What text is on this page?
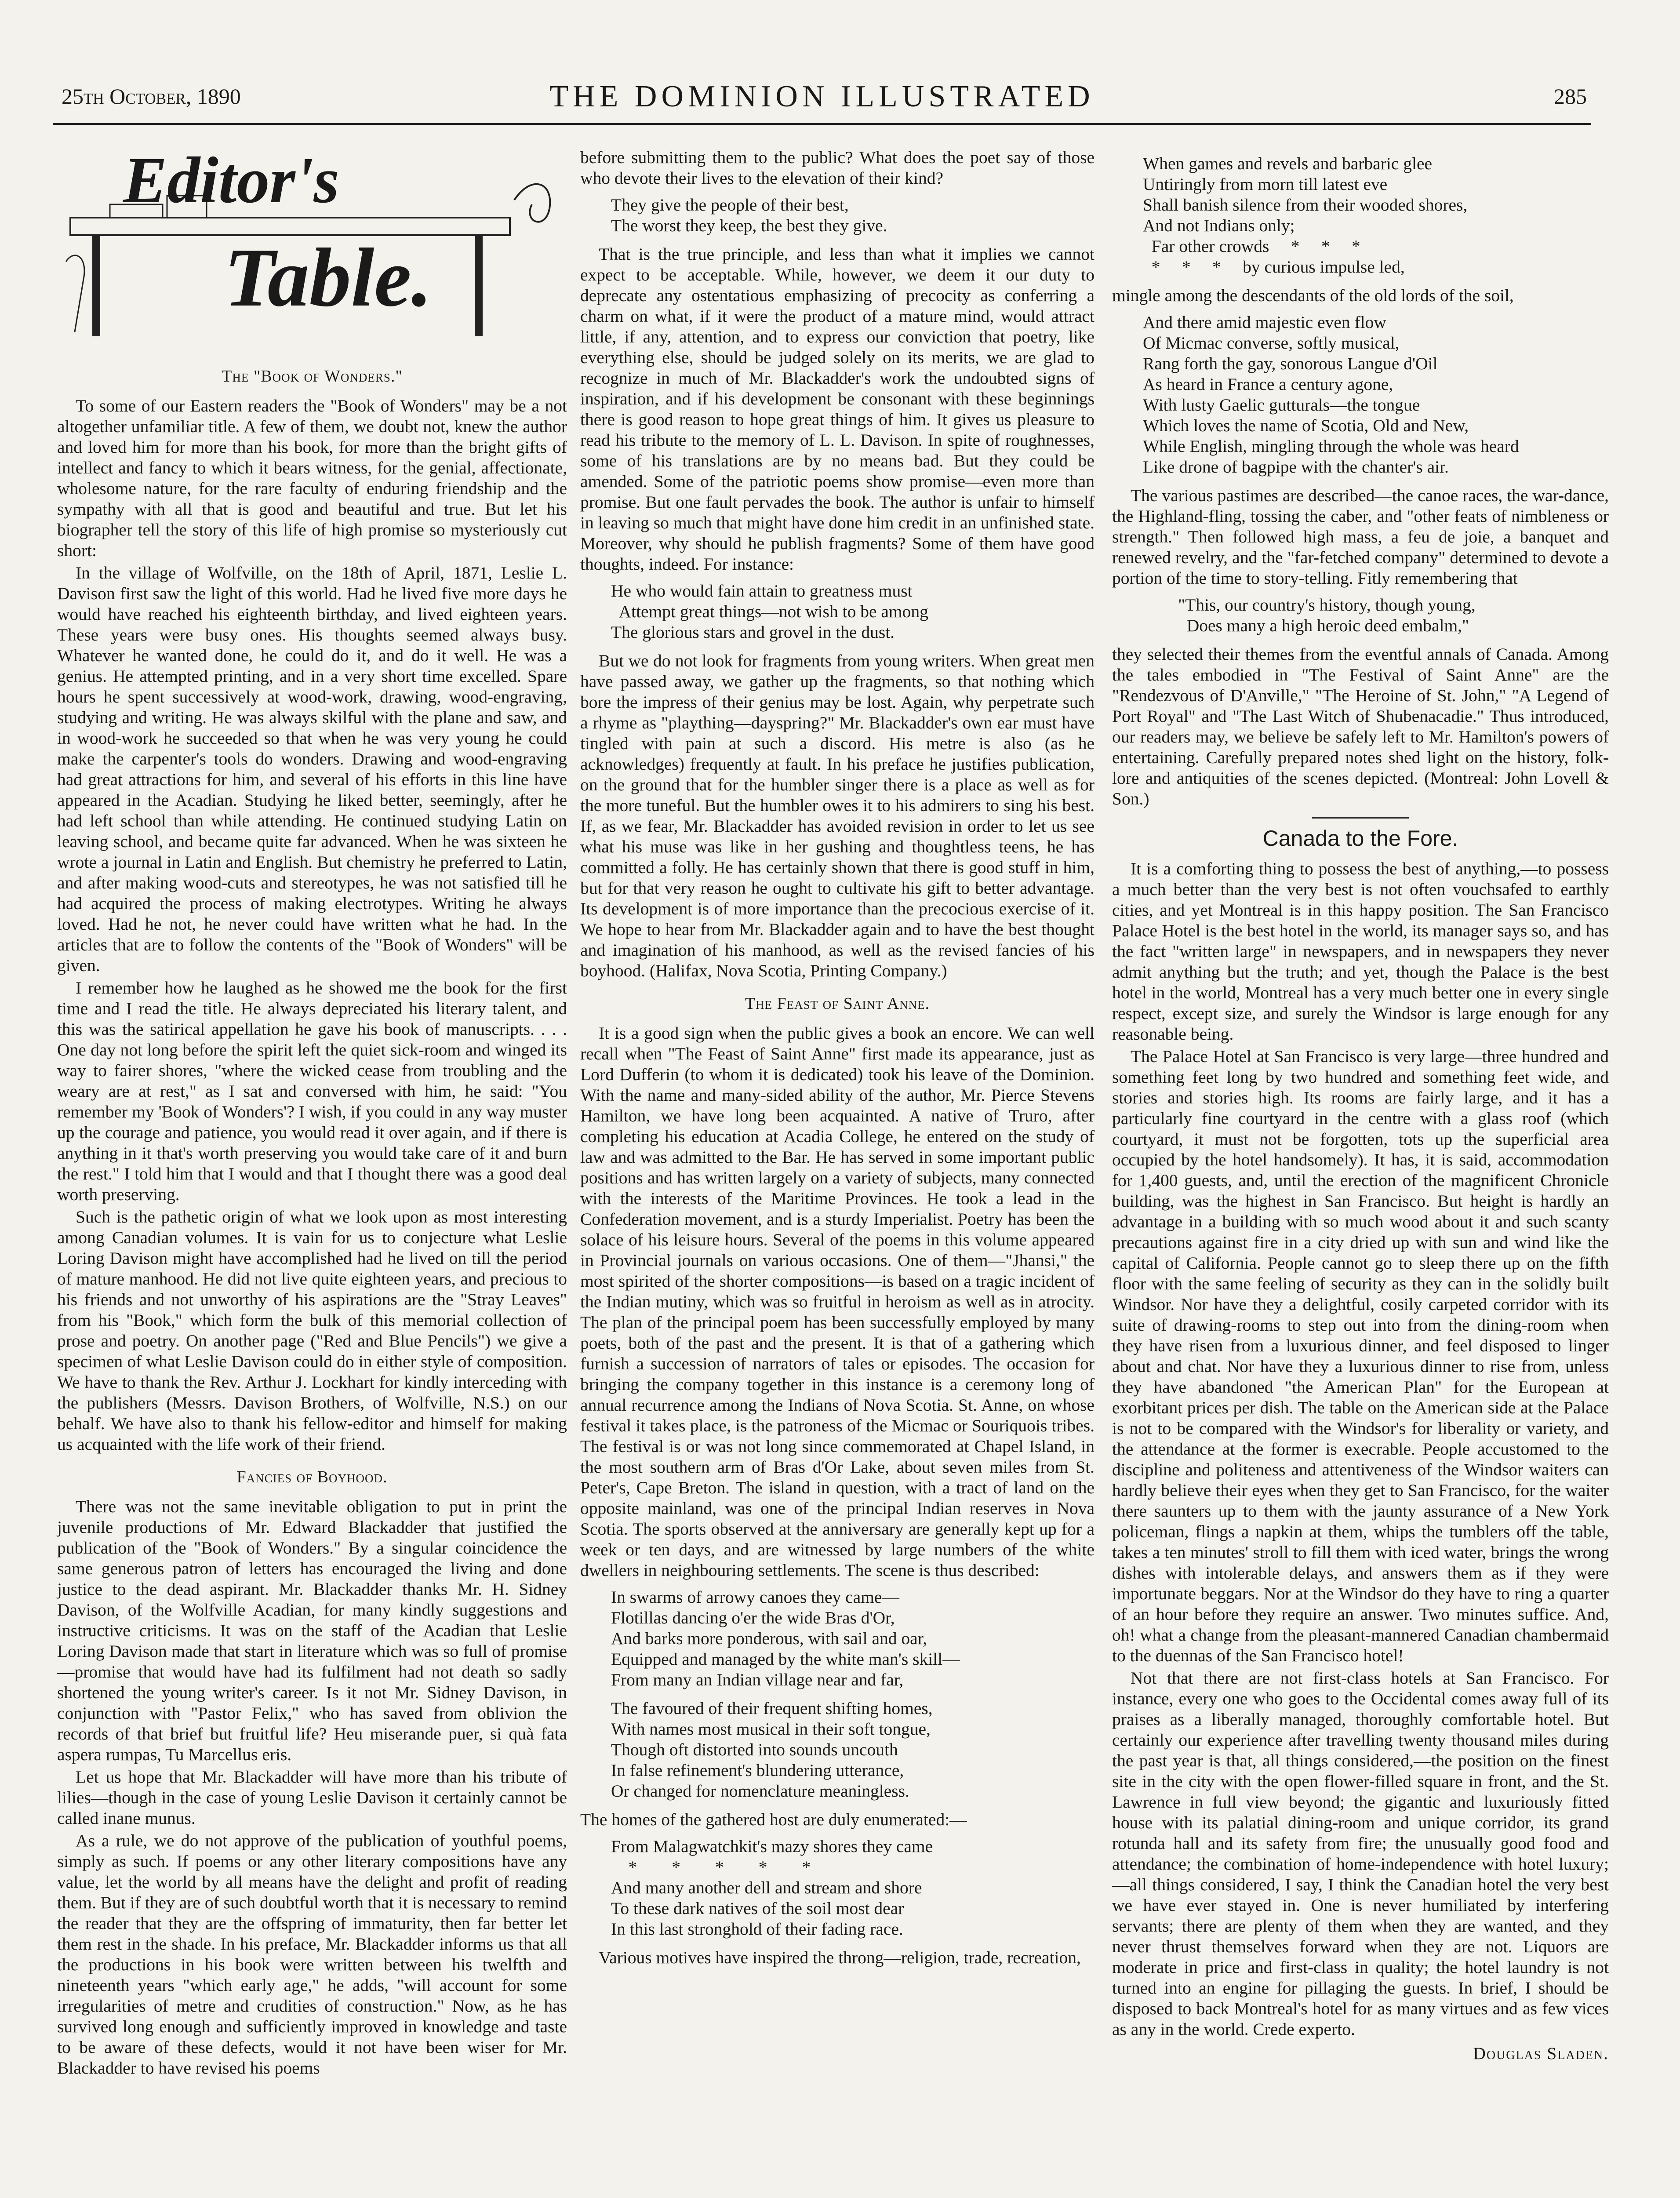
25th October, 1890	THE DOMINION ILLUSTRATED	285
Editor's
Table.
The "Book of Wonders."

To some of our Eastern readers the "Book of Wonders" may be a not altogether unfamiliar title. A few of them, we doubt not, knew the author and loved him for more than his book, for more than the bright gifts of intellect and fancy to which it bears witness, for the genial, affectionate, wholesome nature, for the rare faculty of enduring friendship and the sympathy with all that is good and beautiful and true. But let his biographer tell the story of this life of high promise so mysteriously cut short:

In the village of Wolfville, on the 18th of April, 1871, Leslie L. Davison first saw the light of this world. Had he lived five more days he would have reached his eighteenth birthday, and lived eighteen years. These years were busy ones. His thoughts seemed always busy. Whatever he wanted done, he could do it, and do it well. He was a genius. He attempted printing, and in a very short time excelled. Spare hours he spent successively at wood-work, drawing, wood-engraving, studying and writing. He was always skilful with the plane and saw, and in wood-work he succeeded so that when he was very young he could make the carpenter's tools do wonders. Drawing and wood-engraving had great attractions for him, and several of his efforts in this line have appeared in the Acadian. Studying he liked better, seemingly, after he had left school than while attending. He continued studying Latin on leaving school, and became quite far advanced. When he was sixteen he wrote a journal in Latin and English. But chemistry he preferred to Latin, and after making wood-cuts and stereotypes, he was not satisfied till he had acquired the process of making electrotypes. Writing he always loved. Had he not, he never could have written what he had. In the articles that are to follow the contents of the "Book of Wonders" will be given.

I remember how he laughed as he showed me the book for the first time and I read the title. He always depreciated his literary talent, and this was the satirical appellation he gave his book of manuscripts. . . . One day not long before the spirit left the quiet sick-room and winged its way to fairer shores, "where the wicked cease from troubling and the weary are at rest," as I sat and conversed with him, he said: "You remember my 'Book of Wonders'? I wish, if you could in any way muster up the courage and patience, you would read it over again, and if there is anything in it that's worth preserving you would take care of it and burn the rest." I told him that I would and that I thought there was a good deal worth preserving.

Such is the pathetic origin of what we look upon as most interesting among Canadian volumes. It is vain for us to conjecture what Leslie Loring Davison might have accomplished had he lived on till the period of mature manhood. He did not live quite eighteen years, and precious to his friends and not unworthy of his aspirations are the "Stray Leaves" from his "Book," which form the bulk of this memorial collection of prose and poetry. On another page ("Red and Blue Pencils") we give a specimen of what Leslie Davison could do in either style of composition. We have to thank the Rev. Arthur J. Lockhart for kindly interceding with the publishers (Messrs. Davison Brothers, of Wolfville, N.S.) on our behalf. We have also to thank his fellow-editor and himself for making us acquainted with the life work of their friend.

Fancies of Boyhood.

There was not the same inevitable obligation to put in print the juvenile productions of Mr. Edward Blackadder that justified the publication of the "Book of Wonders." By a singular coincidence the same generous patron of letters has encouraged the living and done justice to the dead aspirant. Mr. Blackadder thanks Mr. H. Sidney Davison, of the Wolfville Acadian, for many kindly suggestions and instructive criticisms. It was on the staff of the Acadian that Leslie Loring Davison made that start in literature which was so full of promise—promise that would have had its fulfilment had not death so sadly shortened the young writer's career. Is it not Mr. Sidney Davison, in conjunction with "Pastor Felix," who has saved from oblivion the records of that brief but fruitful life? Heu miserande puer, si quà fata aspera rumpas, Tu Marcellus eris.

Let us hope that Mr. Blackadder will have more than his tribute of lilies—though in the case of young Leslie Davison it certainly cannot be called inane munus.

As a rule, we do not approve of the publication of youthful poems, simply as such. If poems or any other literary compositions have any value, let the world by all means have the delight and profit of reading them. But if they are of such doubtful worth that it is necessary to remind the reader that they are the offspring of immaturity, then far better let them rest in the shade. In his preface, Mr. Blackadder informs us that all the productions in his book were written between his twelfth and nineteenth years "which early age," he adds, "will account for some irregularities of metre and crudities of construction." Now, as he has survived long enough and sufficiently improved in knowledge and taste to be aware of these defects, would it not have been wiser for Mr. Blackadder to have revised his poems

before submitting them to the public? What does the poet say of those who devote their lives to the elevation of their kind?

They give the people of their best,
The worst they keep, the best they give.

That is the true principle, and less than what it implies we cannot expect to be acceptable. While, however, we deem it our duty to deprecate any ostentatious emphasizing of precocity as conferring a charm on what, if it were the product of a mature mind, would attract little, if any, attention, and to express our conviction that poetry, like everything else, should be judged solely on its merits, we are glad to recognize in much of Mr. Blackadder's work the undoubted signs of inspiration, and if his development be consonant with these beginnings there is good reason to hope great things of him. It gives us pleasure to read his tribute to the memory of L. L. Davison. In spite of roughnesses, some of his translations are by no means bad. But they could be amended. Some of the patriotic poems show promise—even more than promise. But one fault pervades the book. The author is unfair to himself in leaving so much that might have done him credit in an unfinished state. Moreover, why should he publish fragments? Some of them have good thoughts, indeed. For instance:

He who would fain attain to greatness must
Attempt great things—not wish to be among
The glorious stars and grovel in the dust.

But we do not look for fragments from young writers. When great men have passed away, we gather up the fragments, so that nothing which bore the impress of their genius may be lost. Again, why perpetrate such a rhyme as "plaything—dayspring?" Mr. Blackadder's own ear must have tingled with pain at such a discord. His metre is also (as he acknowledges) frequently at fault. In his preface he justifies publication, on the ground that for the humbler singer there is a place as well as for the more tuneful. But the humbler owes it to his admirers to sing his best. If, as we fear, Mr. Blackadder has avoided revision in order to let us see what his muse was like in her gushing and thoughtless teens, he has committed a folly. He has certainly shown that there is good stuff in him, but for that very reason he ought to cultivate his gift to better advantage. Its development is of more importance than the precocious exercise of it. We hope to hear from Mr. Blackadder again and to have the best thought and imagination of his manhood, as well as the revised fancies of his boyhood. (Halifax, Nova Scotia, Printing Company.)

The Feast of Saint Anne.

It is a good sign when the public gives a book an encore. We can well recall when "The Feast of Saint Anne" first made its appearance, just as Lord Dufferin (to whom it is dedicated) took his leave of the Dominion. With the name and many-sided ability of the author, Mr. Pierce Stevens Hamilton, we have long been acquainted. A native of Truro, after completing his education at Acadia College, he entered on the study of law and was admitted to the Bar. He has served in some important public positions and has written largely on a variety of subjects, many connected with the interests of the Maritime Provinces. He took a lead in the Confederation movement, and is a sturdy Imperialist. Poetry has been the solace of his leisure hours. Several of the poems in this volume appeared in Provincial journals on various occasions. One of them—"Jhansi," the most spirited of the shorter compositions—is based on a tragic incident of the Indian mutiny, which was so fruitful in heroism as well as in atrocity. The plan of the principal poem has been successfully employed by many poets, both of the past and the present. It is that of a gathering which furnish a succession of narrators of tales or episodes. The occasion for bringing the company together in this instance is a ceremony long of annual recurrence among the Indians of Nova Scotia. St. Anne, on whose festival it takes place, is the patroness of the Micmac or Souriquois tribes. The festival is or was not long since commemorated at Chapel Island, in the most southern arm of Bras d'Or Lake, about seven miles from St. Peter's, Cape Breton. The island in question, with a tract of land on the opposite mainland, was one of the principal Indian reserves in Nova Scotia. The sports observed at the anniversary are generally kept up for a week or ten days, and are witnessed by large numbers of the white dwellers in neighbouring settlements. The scene is thus described:

In swarms of arrowy canoes they came—
Flotillas dancing o'er the wide Bras d'Or,
And barks more ponderous, with sail and oar,
Equipped and managed by the white man's skill—
From many an Indian village near and far,
The favoured of their frequent shifting homes,
With names most musical in their soft tongue,
Though oft distorted into sounds uncouth
In false refinement's blundering utterance,
Or changed for nomenclature meaningless.

The homes of the gathered host are duly enumerated:—

From Malagwatchkit's mazy shores they came
*        *        *        *        *
And many another dell and stream and shore
To these dark natives of the soil most dear
In this last stronghold of their fading race.

Various motives have inspired the throng—religion, trade, recreation,

When games and revels and barbaric glee
Untiringly from morn till latest eve
Shall banish silence from their wooded shores,
And not Indians only;
Far other crowds     *     *     *
*     *     *     by curious impulse led,

mingle among the descendants of the old lords of the soil,

And there amid majestic even flow
Of Micmac converse, softly musical,
Rang forth the gay, sonorous Langue d'Oil
As heard in France a century agone,
With lusty Gaelic gutturals—the tongue
Which loves the name of Scotia, Old and New,
While English, mingling through the whole was heard
Like drone of bagpipe with the chanter's air.

The various pastimes are described—the canoe races, the war-dance, the Highland-fling, tossing the caber, and "other feats of nimbleness or strength." Then followed high mass, a feu de joie, a banquet and renewed revelry, and the "far-fetched company" determined to devote a portion of the time to story-telling. Fitly remembering that

"This, our country's history, though young,
Does many a high heroic deed embalm,"

they selected their themes from the eventful annals of Canada. Among the tales embodied in "The Festival of Saint Anne" are the "Rendezvous of D'Anville," "The Heroine of St. John," "A Legend of Port Royal" and "The Last Witch of Shubenacadie." Thus introduced, our readers may, we believe be safely left to Mr. Hamilton's powers of entertaining. Carefully prepared notes shed light on the history, folk-lore and antiquities of the scenes depicted. (Montreal: John Lovell & Son.)

Canada to the Fore.

It is a comforting thing to possess the best of anything,—to possess a much better than the very best is not often vouchsafed to earthly cities, and yet Montreal is in this happy position. The San Francisco Palace Hotel is the best hotel in the world, its manager says so, and has the fact "written large" in newspapers, and in newspapers they never admit anything but the truth; and yet, though the Palace is the best hotel in the world, Montreal has a very much better one in every single respect, except size, and surely the Windsor is large enough for any reasonable being.

The Palace Hotel at San Francisco is very large—three hundred and something feet long by two hundred and something feet wide, and stories and stories high. Its rooms are fairly large, and it has a particularly fine courtyard in the centre with a glass roof (which courtyard, it must not be forgotten, tots up the superficial area occupied by the hotel handsomely). It has, it is said, accommodation for 1,400 guests, and, until the erection of the magnificent Chronicle building, was the highest in San Francisco. But height is hardly an advantage in a building with so much wood about it and such scanty precautions against fire in a city dried up with sun and wind like the capital of California. People cannot go to sleep there up on the fifth floor with the same feeling of security as they can in the solidly built Windsor. Nor have they a delightful, cosily carpeted corridor with its suite of drawing-rooms to step out into from the dining-room when they have risen from a luxurious dinner, and feel disposed to linger about and chat. Nor have they a luxurious dinner to rise from, unless they have abandoned "the American Plan" for the European at exorbitant prices per dish. The table on the American side at the Palace is not to be compared with the Windsor's for liberality or variety, and the attendance at the former is execrable. People accustomed to the discipline and politeness and attentiveness of the Windsor waiters can hardly believe their eyes when they get to San Francisco, for the waiter there saunters up to them with the jaunty assurance of a New York policeman, flings a napkin at them, whips the tumblers off the table, takes a ten minutes' stroll to fill them with iced water, brings the wrong dishes with intolerable delays, and answers them as if they were importunate beggars. Nor at the Windsor do they have to ring a quarter of an hour before they require an answer. Two minutes suffice. And, oh! what a change from the pleasant-mannered Canadian chambermaid to the duennas of the San Francisco hotel!

Not that there are not first-class hotels at San Francisco. For instance, every one who goes to the Occidental comes away full of its praises as a liberally managed, thoroughly comfortable hotel. But certainly our experience after travelling twenty thousand miles during the past year is that, all things considered,—the position on the finest site in the city with the open flower-filled square in front, and the St. Lawrence in full view beyond; the gigantic and luxuriously fitted house with its palatial dining-room and unique corridor, its grand rotunda hall and its safety from fire; the unusually good food and attendance; the combination of home-independence with hotel luxury;—all things considered, I say, I think the Canadian hotel the very best we have ever stayed in. One is never humiliated by interfering servants; there are plenty of them when they are wanted, and they never thrust themselves forward when they are not. Liquors are moderate in price and first-class in quality; the hotel laundry is not turned into an engine for pillaging the guests. In brief, I should be disposed to back Montreal's hotel for as many virtues and as few vices as any in the world. Crede experto.

Douglas Sladen.
